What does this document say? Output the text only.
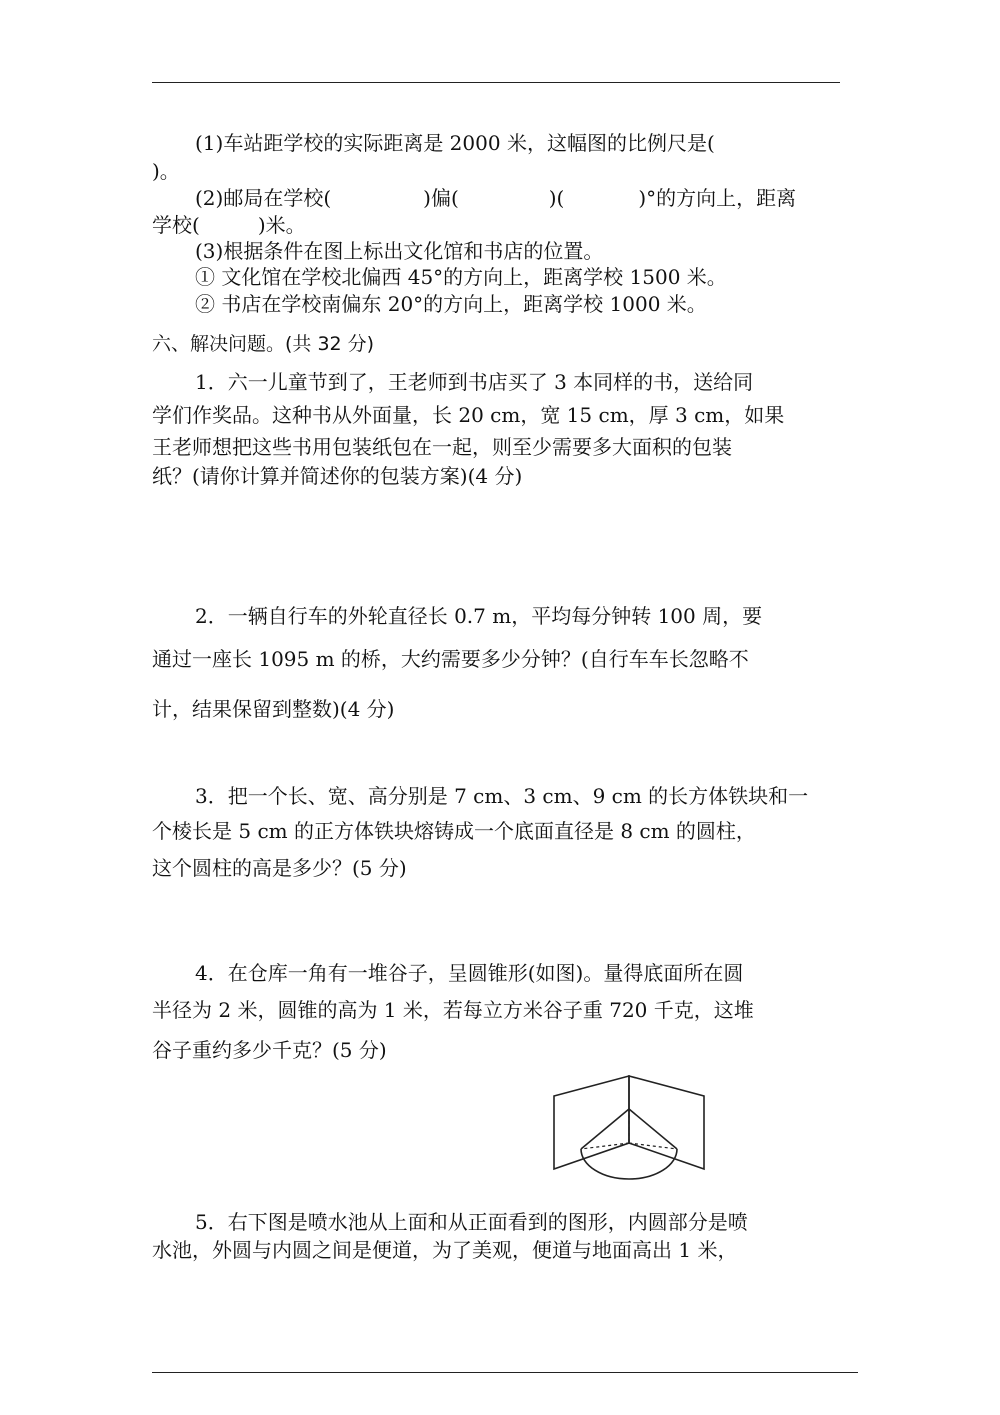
(1)车站距学校的实际距离是 2000 米，这幅图的比例尺是(
)。
(2)邮局在学校(	)偏(	)(	)°的方向上，距离
学校(	)米。
(3)根据条件在图上标出文化馆和书店的位置。
① 文化馆在学校北偏西 45°的方向上，距离学校 1500 米。
② 书店在学校南偏东 20°的方向上，距离学校 1000 米。
六、解决问题。(共 32 分)
1．六一儿童节到了，王老师到书店买了 3 本同样的书，送给同
学们作奖品。这种书从外面量，长 20 cm，宽 15 cm，厚 3 cm，如果
王老师想把这些书用包装纸包在一起，则至少需要多大面积的包装
纸？(请你计算并简述你的包装方案)(4 分)
2．一辆自行车的外轮直径长 0.7 m，平均每分钟转 100 周，要
通过一座长 1095 m 的桥，大约需要多少分钟？(自行车车长忽略不
计，结果保留到整数)(4 分)
3．把一个长、宽、高分别是 7 cm、3 cm、9 cm 的长方体铁块和一
个棱长是 5 cm 的正方体铁块熔铸成一个底面直径是 8 cm 的圆柱，
这个圆柱的高是多少？(5 分)
4．在仓库一角有一堆谷子，呈圆锥形(如图)。量得底面所在圆
半径为 2 米，圆锥的高为 1 米，若每立方米谷子重 720 千克，这堆
谷子重约多少千克？(5 分)
5．右下图是喷水池从上面和从正面看到的图形，内圆部分是喷
水池，外圆与内圆之间是便道，为了美观，便道与地面高出 1 米，
